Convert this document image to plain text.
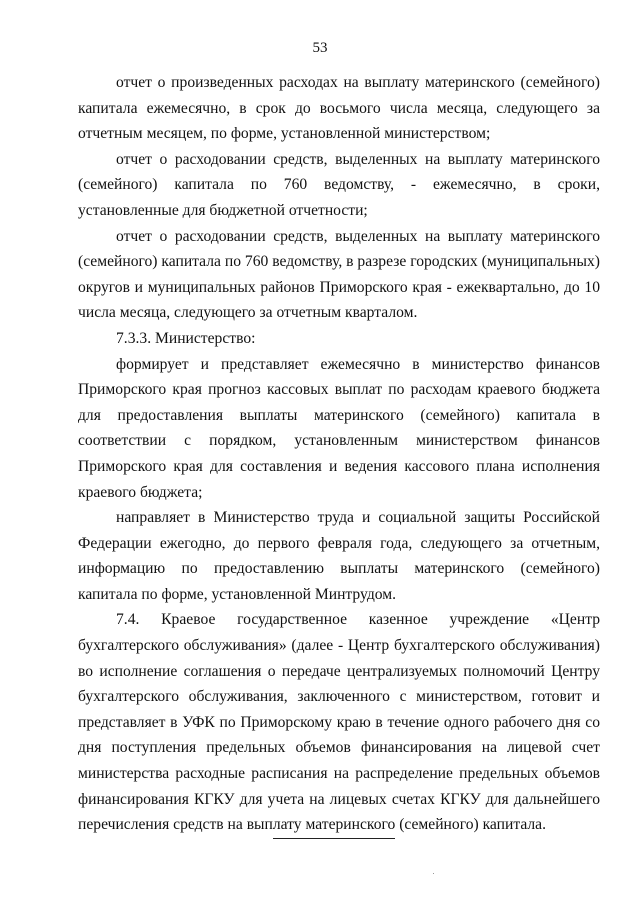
53

отчет о произведенных расходах на выплату материнского (семейного) капитала ежемесячно, в срок до восьмого числа месяца, следующего за отчетным месяцем, по форме, установленной министерством;

отчет о расходовании средств, выделенных на выплату материнского (семейного) капитала по 760 ведомству, - ежемесячно, в сроки, установленные для бюджетной отчетности;

отчет о расходовании средств, выделенных на выплату материнского (семейного) капитала по 760 ведомству, в разрезе городских (муниципальных) округов и муниципальных районов Приморского края - ежеквартально, до 10 числа месяца, следующего за отчетным кварталом.

7.3.3. Министерство:

формирует и представляет ежемесячно в министерство финансов Приморского края прогноз кассовых выплат по расходам краевого бюджета для предоставления выплаты материнского (семейного) капитала в соответствии с порядком, установленным министерством финансов Приморского края для составления и ведения кассового плана исполнения краевого бюджета;

направляет в Министерство труда и социальной защиты Российской Федерации ежегодно, до первого февраля года, следующего за отчетным, информацию по предоставлению выплаты материнского (семейного) капитала по форме, установленной Минтрудом.

7.4. Краевое государственное казенное учреждение «Центр бухгалтерского обслуживания» (далее - Центр бухгалтерского обслуживания) во исполнение соглашения о передаче централизуемых полномочий Центру бухгалтерского обслуживания, заключенного с министерством, готовит и представляет в УФК по Приморскому краю в течение одного рабочего дня со дня поступления предельных объемов финансирования на лицевой счет министерства расходные расписания на распределение предельных объемов финансирования КГКУ для учета на лицевых счетах КГКУ для дальнейшего перечисления средств на выплату материнского (семейного) капитала.
